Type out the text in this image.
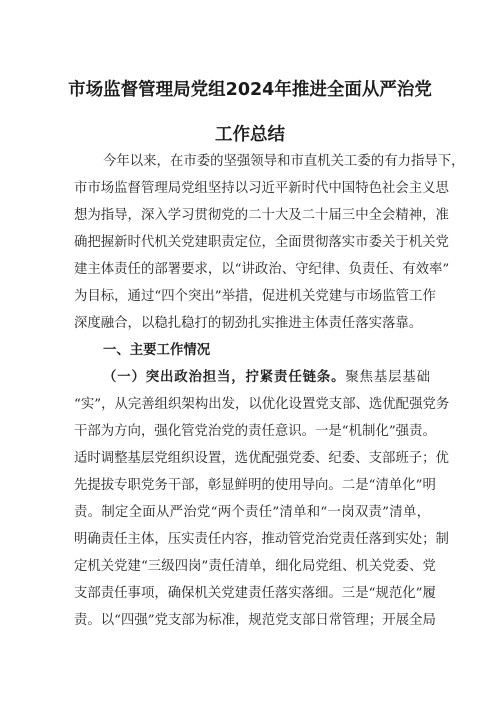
市场监督管理局党组2024年推进全面从严治党
工作总结
今年以来，在市委的坚强领导和市直机关工委的有力指导下，
市市场监督管理局党组坚持以习近平新时代中国特色社会主义思
想为指导，深入学习贯彻党的二十大及二十届三中全会精神，准
确把握新时代机关党建职责定位，全面贯彻落实市委关于机关党
建主体责任的部署要求，以“讲政治、守纪律、负责任、有效率”
为目标，通过“四个突出”举措，促进机关党建与市场监管工作
深度融合，以稳扎稳打的韧劲扎实推进主体责任落实落靠。
一、主要工作情况
（一）突出政治担当，拧紧责任链条。聚焦基层基础
“实”，从完善组织架构出发，以优化设置党支部、选优配强党务
干部为方向，强化管党治党的责任意识。一是“机制化”强责。
适时调整基层党组织设置，选优配强党委、纪委、支部班子；优
先提拔专职党务干部，彰显鲜明的使用导向。二是“清单化”明
责。制定全面从严治党“两个责任”清单和“一岗双责”清单，
明确责任主体，压实责任内容，推动管党治党责任落到实处；制
定机关党建“三级四岗”责任清单，细化局党组、机关党委、党
支部责任事项，确保机关党建责任落实落细。三是“规范化”履
责。以“四强”党支部为标准，规范党支部日常管理；开展全局
